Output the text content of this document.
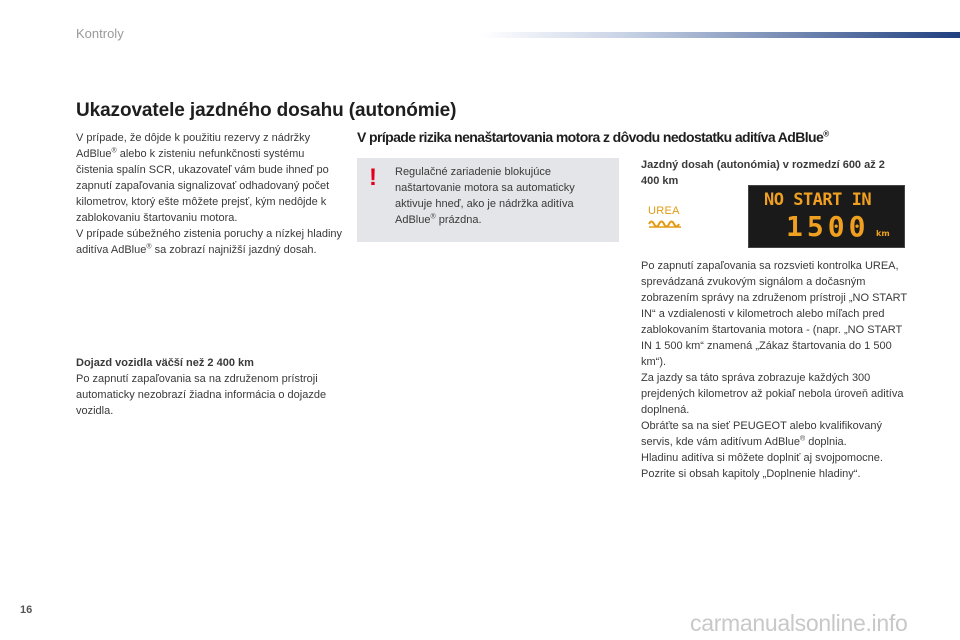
Kontroly
Ukazovatele jazdného dosahu (autonómie)
V prípade, že dôjde k použitiu rezervy z nádržky AdBlue® alebo k zisteniu nefunkčnosti systému čistenia spalín SCR, ukazovateľ vám bude ihneď po zapnutí zapaľovania signalizovať odhadovaný počet kilometrov, ktorý ešte môžete prejsť, kým nedôjde k zablokovaniu štartovaniu motora.
V prípade súbežného zistenia poruchy a nízkej hladiny aditíva AdBlue® sa zobrazí najnižší jazdný dosah.
Dojazd vozidla väčší než 2 400 km
Po zapnutí zapaľovania sa na združenom prístroji automaticky nezobrazí žiadna informácia o dojazde vozidla.
V prípade rizika nenaštartovania motora z dôvodu nedostatku aditíva AdBlue®
! Regulačné zariadenie blokujúce naštartovanie motora sa automaticky aktivuje hneď, ako je nádržka aditíva AdBlue® prázdna.
Jazdný dosah (autonómia) v rozmedzí 600 až 2 400 km
UREA
NO START IN
1500 km
Po zapnutí zapaľovania sa rozsvieti kontrolka UREA, sprevádzaná zvukovým signálom a dočasným zobrazením správy na združenom prístroji „NO START IN“ a vzdialenosti v kilometroch alebo míľach pred zablokovaním štartovania motora - (napr. „NO START IN 1 500 km“ znamená „Zákaz štartovania do 1 500 km“).
Za jazdy sa táto správa zobrazuje každých 300 prejdených kilometrov až pokiaľ nebola úroveň aditíva doplnená.
Obráťte sa na sieť PEUGEOT alebo kvalifikovaný servis, kde vám aditívum AdBlue® doplnia.
Hladinu aditíva si môžete doplniť aj svojpomocne. Pozrite si obsah kapitoly „Doplnenie hladiny“.
16	carmanualsonline.info
